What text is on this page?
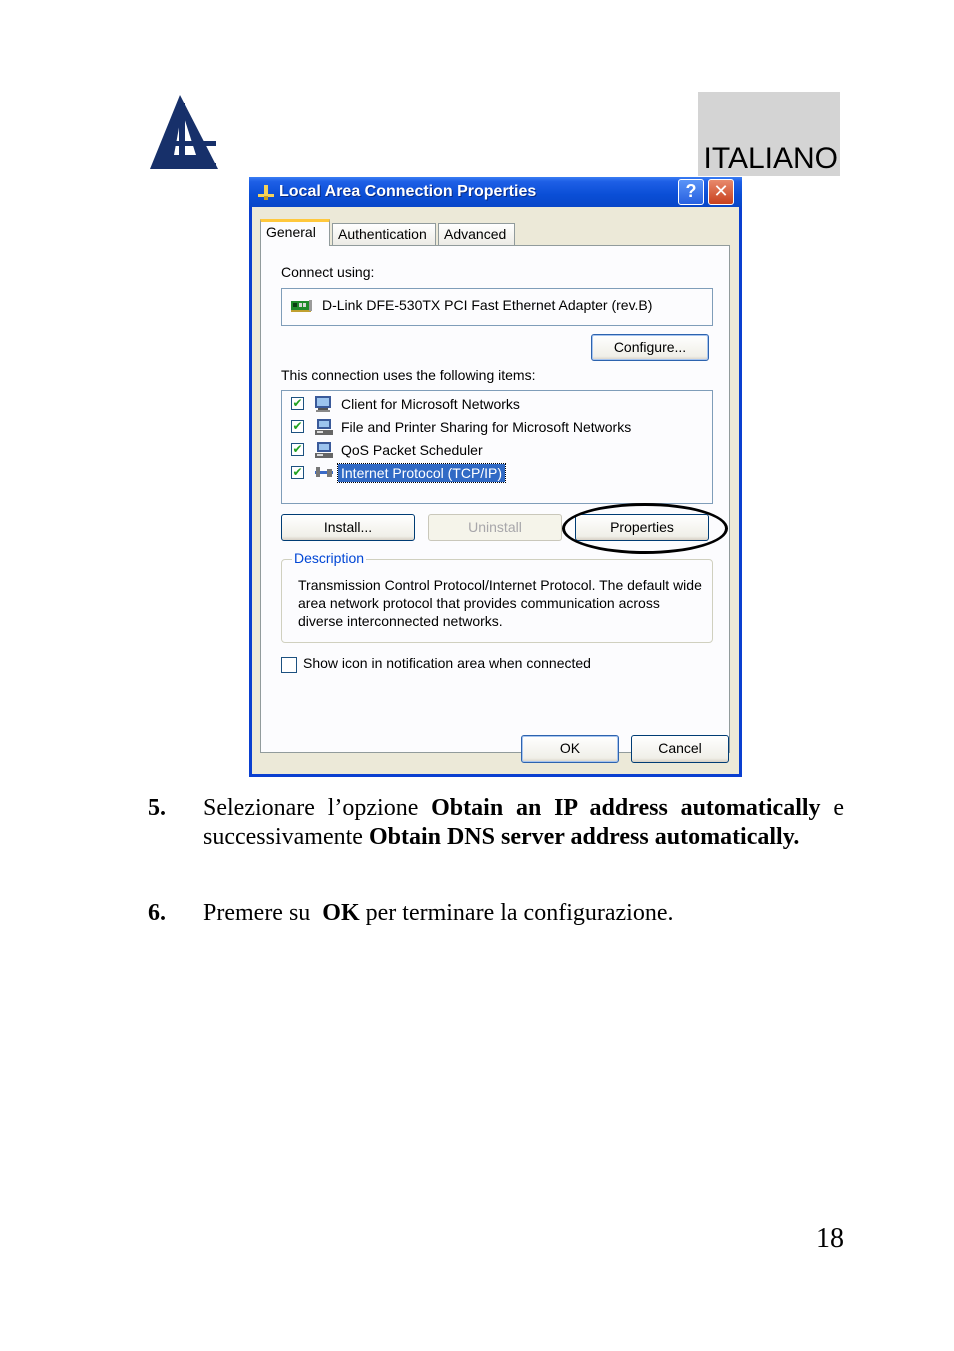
ITALIANO
Local Area Connection Properties	? ✕
General	Authentication	Advanced
Connect using:
D-Link DFE-530TX PCI Fast Ethernet Adapter (rev.B)
Configure...
This connection uses the following items:
✔	Client for Microsoft Networks
✔	File and Printer Sharing for Microsoft Networks
✔	QoS Packet Scheduler
✔	Internet Protocol (TCP/IP)
Install...	Uninstall	Properties
Description
Transmission Control Protocol/Internet Protocol. The default wide area network protocol that provides communication across diverse interconnected networks.
Show icon in notification area when connected
OK	Cancel
5. Selezionare l’opzione Obtain an IP address automatically e successivamente Obtain DNS server address automatically.
6. Premere su  OK per terminare la configurazione.
18
